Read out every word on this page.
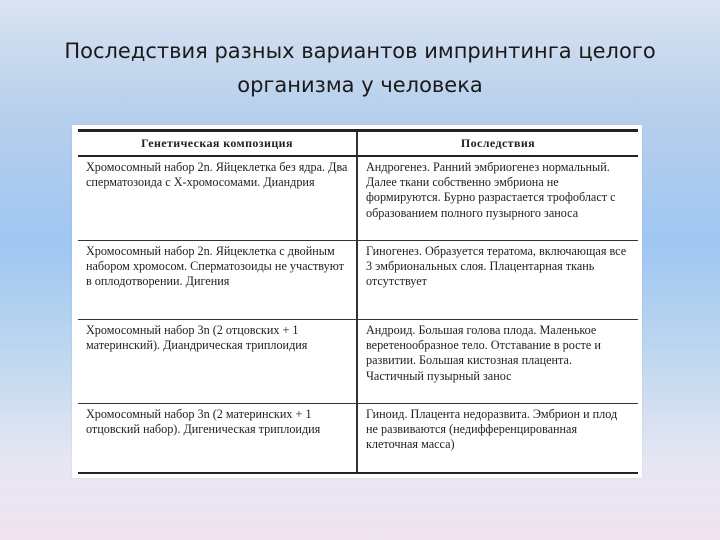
Последствия разных вариантов импринтинга целого
организма у человека
Генетическая композиция	Последствия
Хромосомный набор 2n. Яйцеклетка без ядра. Два сперматозоида с Х-хромосомами. Диандрия	Андрогенез. Ранний эмбриогенез нормальный. Далее ткани собственно эмбриона не формируются. Бурно разрастается трофобласт с образованием полного пузырного заноса
Хромосомный набор 2n. Яйцеклетка с двойным набором хромосом. Сперматозоиды не участвуют в оплодотворении. Дигения	Гиногенез. Образуется тератома, включающая все 3 эмбриональных слоя. Плацентарная ткань отсутствует
Хромосомный набор 3n (2 отцовских + 1 материнский). Диандрическая триплоидия	Андроид. Большая голова плода. Маленькое веретенообразное тело. Отставание в росте и развитии. Большая кистозная плацента. Частичный пузырный занос
Хромосомный набор 3n (2 материнских + 1 отцовский набор). Дигеническая триплоидия	Гиноид. Плацента недоразвита. Эмбрион и плод не развиваются (недифференцированная клеточная масса)
